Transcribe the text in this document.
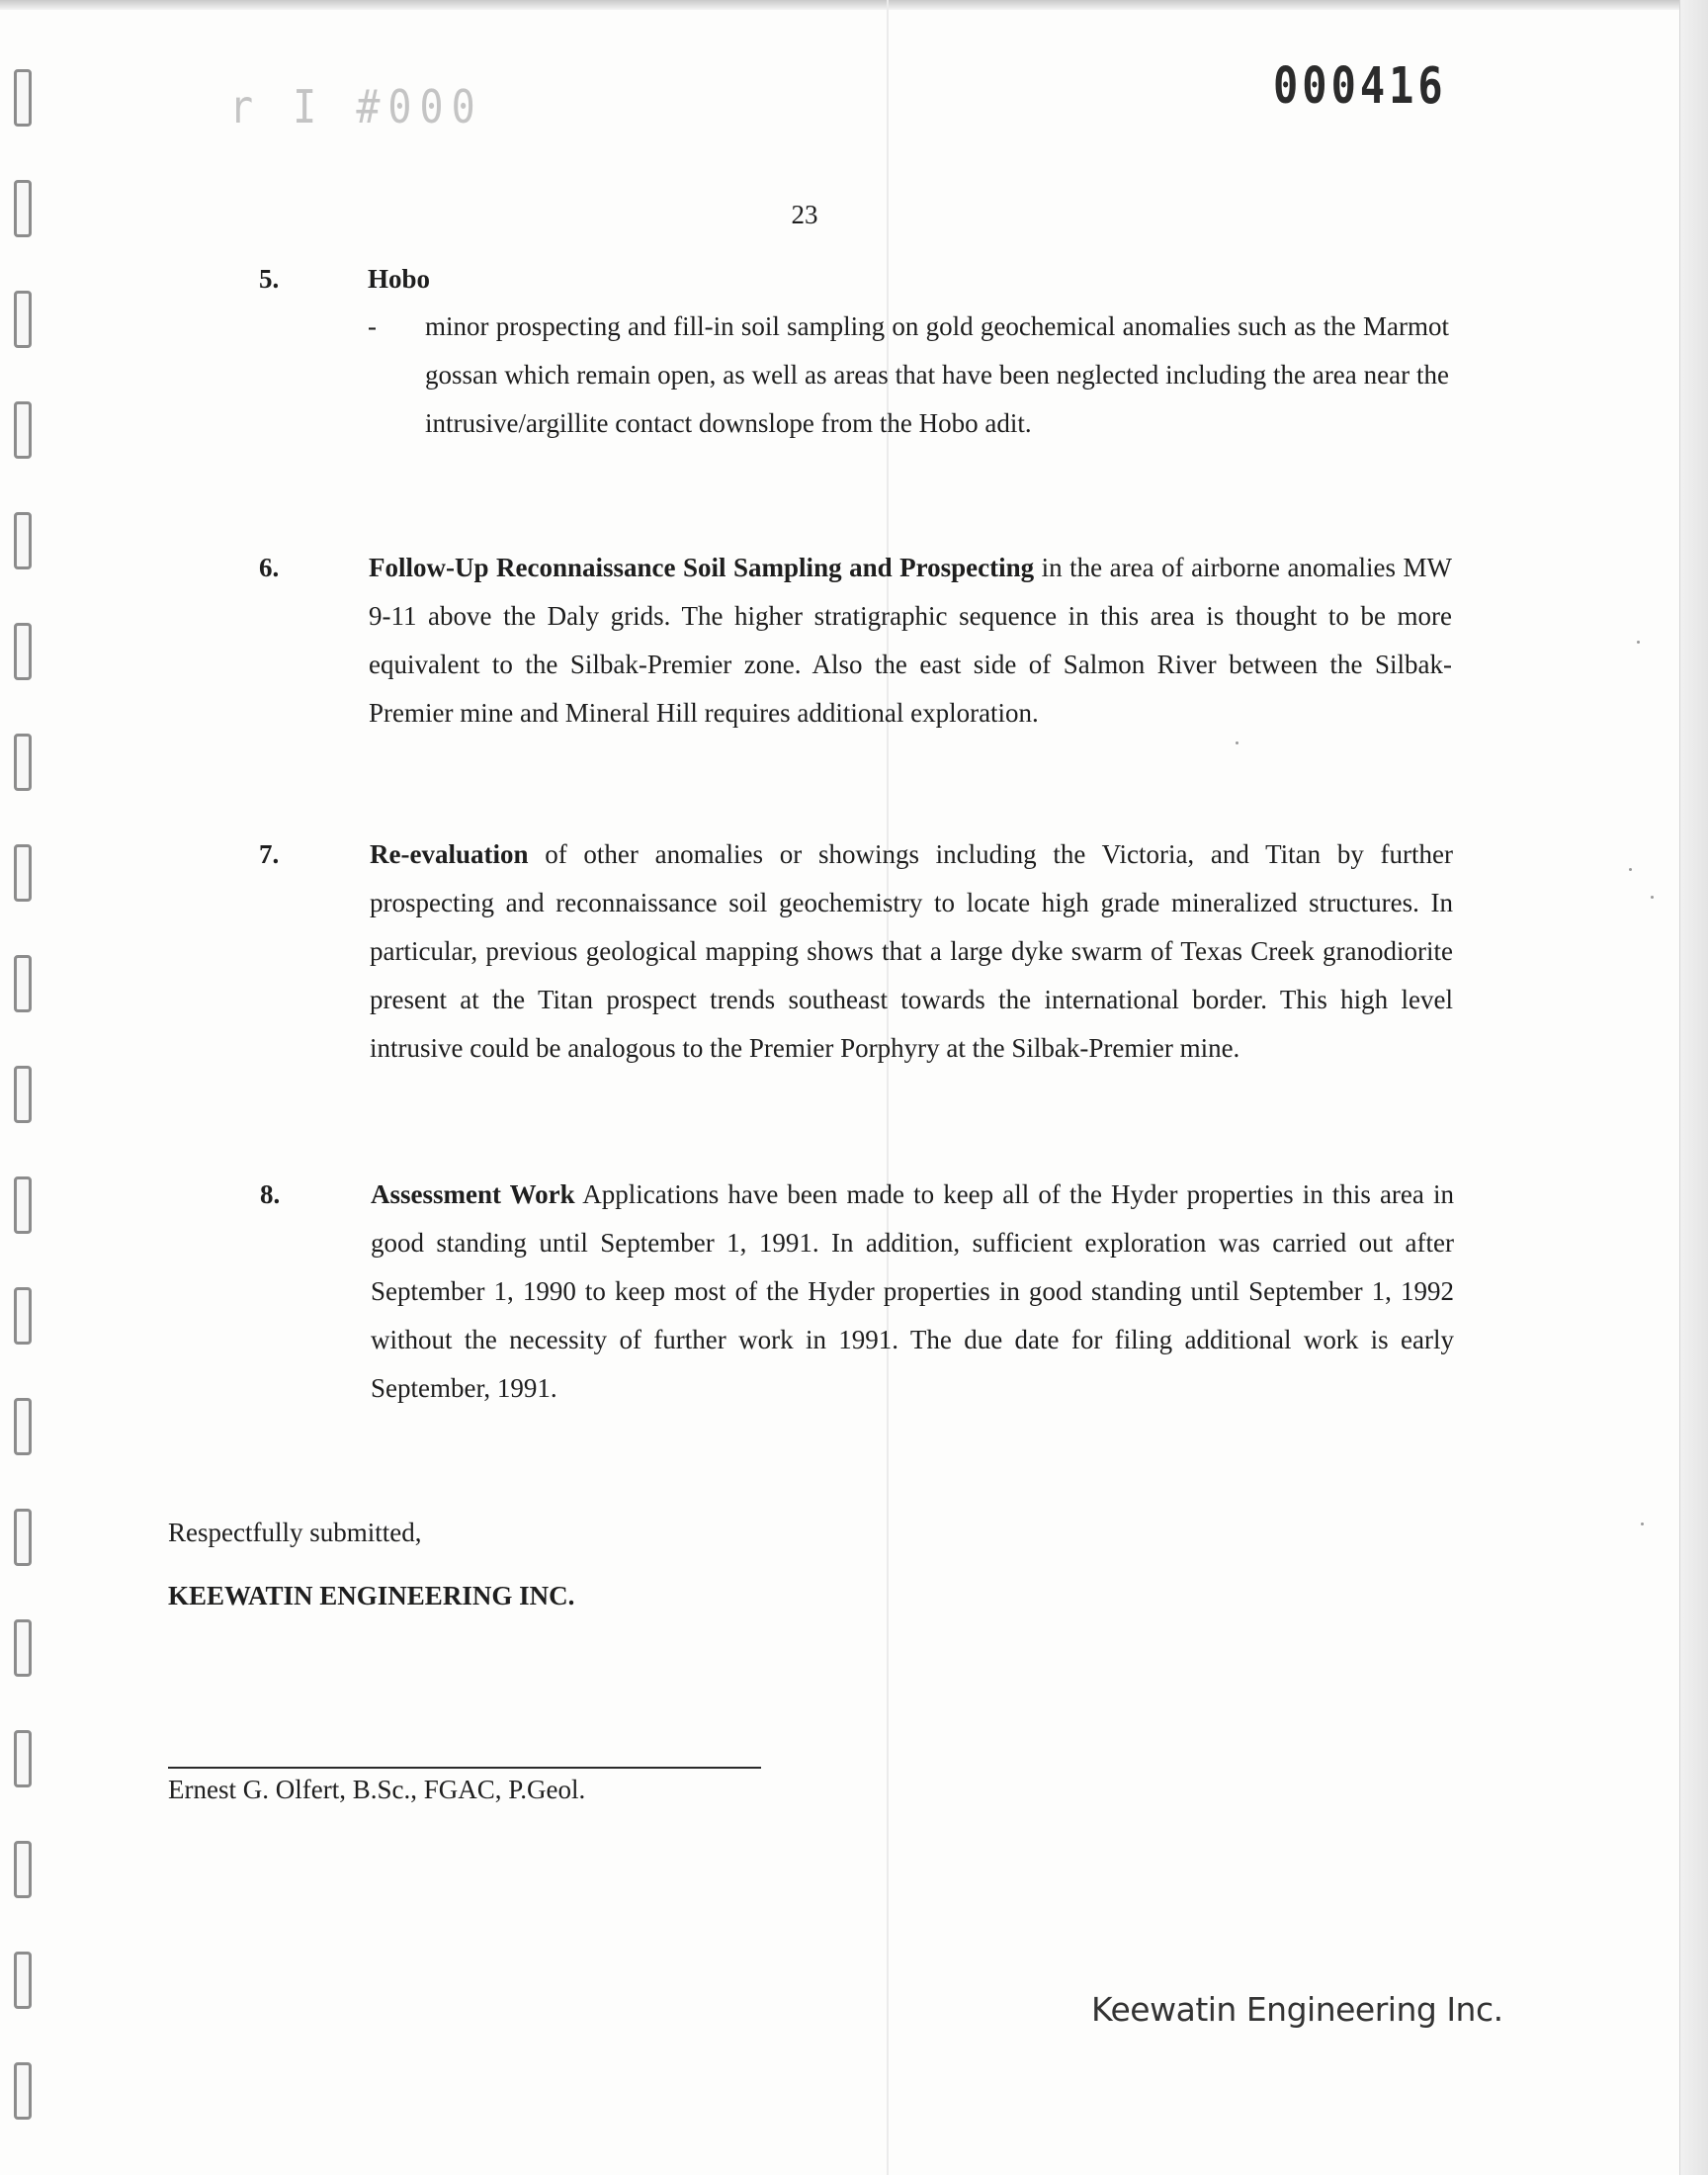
r I #000	000416
23
5.	Hobo
- minor prospecting and fill-in soil sampling on gold geochemical anomalies such as the Marmot gossan which remain open, as well as areas that have been neglected including the area near the intrusive/argillite contact downslope from the Hobo adit.
6.	Follow-Up Reconnaissance Soil Sampling and Prospecting in the area of airborne anomalies MW 9-11 above the Daly grids. The higher stratigraphic sequence in this area is thought to be more equivalent to the Silbak-Premier zone. Also the east side of Salmon River between the Silbak-Premier mine and Mineral Hill requires additional exploration.
7.	Re-evaluation of other anomalies or showings including the Victoria, and Titan by further prospecting and reconnaissance soil geochemistry to locate high grade mineralized structures. In particular, previous geological mapping shows that a large dyke swarm of Texas Creek granodiorite present at the Titan prospect trends southeast towards the international border. This high level intrusive could be analogous to the Premier Porphyry at the Silbak-Premier mine.
8.	Assessment Work Applications have been made to keep all of the Hyder properties in this area in good standing until September 1, 1991. In addition, sufficient exploration was carried out after September 1, 1990 to keep most of the Hyder properties in good standing until September 1, 1992 without the necessity of further work in 1991. The due date for filing additional work is early September, 1991.
Respectfully submitted,
KEEWATIN ENGINEERING INC.
Ernest G. Olfert, B.Sc., FGAC, P.Geol.
Keewatin Engineering Inc.
